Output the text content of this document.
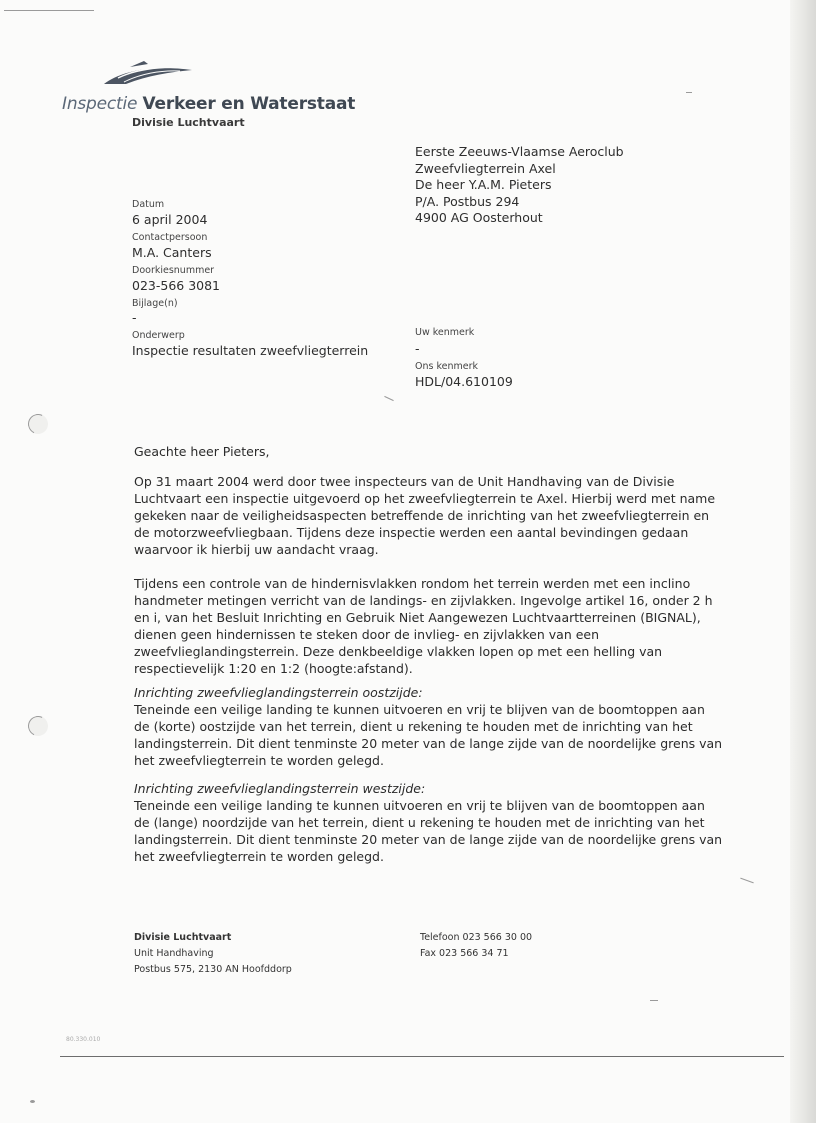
Inspectie Verkeer en Waterstaat
Divisie Luchtvaart
Eerste Zeeuws-Vlaamse Aeroclub
Zweefvliegterrein Axel
De heer Y.A.M. Pieters
P/A. Postbus 294
4900 AG Oosterhout
Datum
6 april 2004
Contactpersoon
M.A. Canters
Doorkiesnummer
023-566 3081
Bijlage(n)
-
Onderwerp
Inspectie resultaten zweefvliegterrein
Uw kenmerk
-
Ons kenmerk
HDL/04.610109
Geachte heer Pieters,

Op 31 maart 2004 werd door twee inspecteurs van de Unit Handhaving van de Divisie Luchtvaart een inspectie uitgevoerd op het zweefvliegterrein te Axel. Hierbij werd met name gekeken naar de veiligheidsaspecten betreffende de inrichting van het zweefvliegterrein en de motorzweefvliegbaan. Tijdens deze inspectie werden een aantal bevindingen gedaan waarvoor ik hierbij uw aandacht vraag.

Tijdens een controle van de hindernisvlakken rondom het terrein werden met een inclino handmeter metingen verricht van de landings- en zijvlakken. Ingevolge artikel 16, onder 2 h en i, van het Besluit Inrichting en Gebruik Niet Aangewezen Luchtvaartterreinen (BIGNAL), dienen geen hindernissen te steken door de invlieg- en zijvlakken van een zweefvlieglandingsterrein. Deze denkbeeldige vlakken lopen op met een helling van respectievelijk 1:20 en 1:2 (hoogte:afstand).

Inrichting zweefvlieglandingsterrein oostzijde:

Teneinde een veilige landing te kunnen uitvoeren en vrij te blijven van de boomtoppen aan de (korte) oostzijde van het terrein, dient u rekening te houden met de inrichting van het landingsterrein. Dit dient tenminste 20 meter van de lange zijde van de noordelijke grens van het zweefvliegterrein te worden gelegd.

Inrichting zweefvlieglandingsterrein westzijde:

Teneinde een veilige landing te kunnen uitvoeren en vrij te blijven van de boomtoppen aan de (lange) noordzijde van het terrein, dient u rekening te houden met de inrichting van het landingsterrein. Dit dient tenminste 20 meter van de lange zijde van de noordelijke grens van het zweefvliegterrein te worden gelegd.

Divisie Luchtvaart
Unit Handhaving
Postbus 575, 2130 AN Hoofddorp
Telefoon 023 566 30 00
Fax 023 566 34 71
80.330.010
